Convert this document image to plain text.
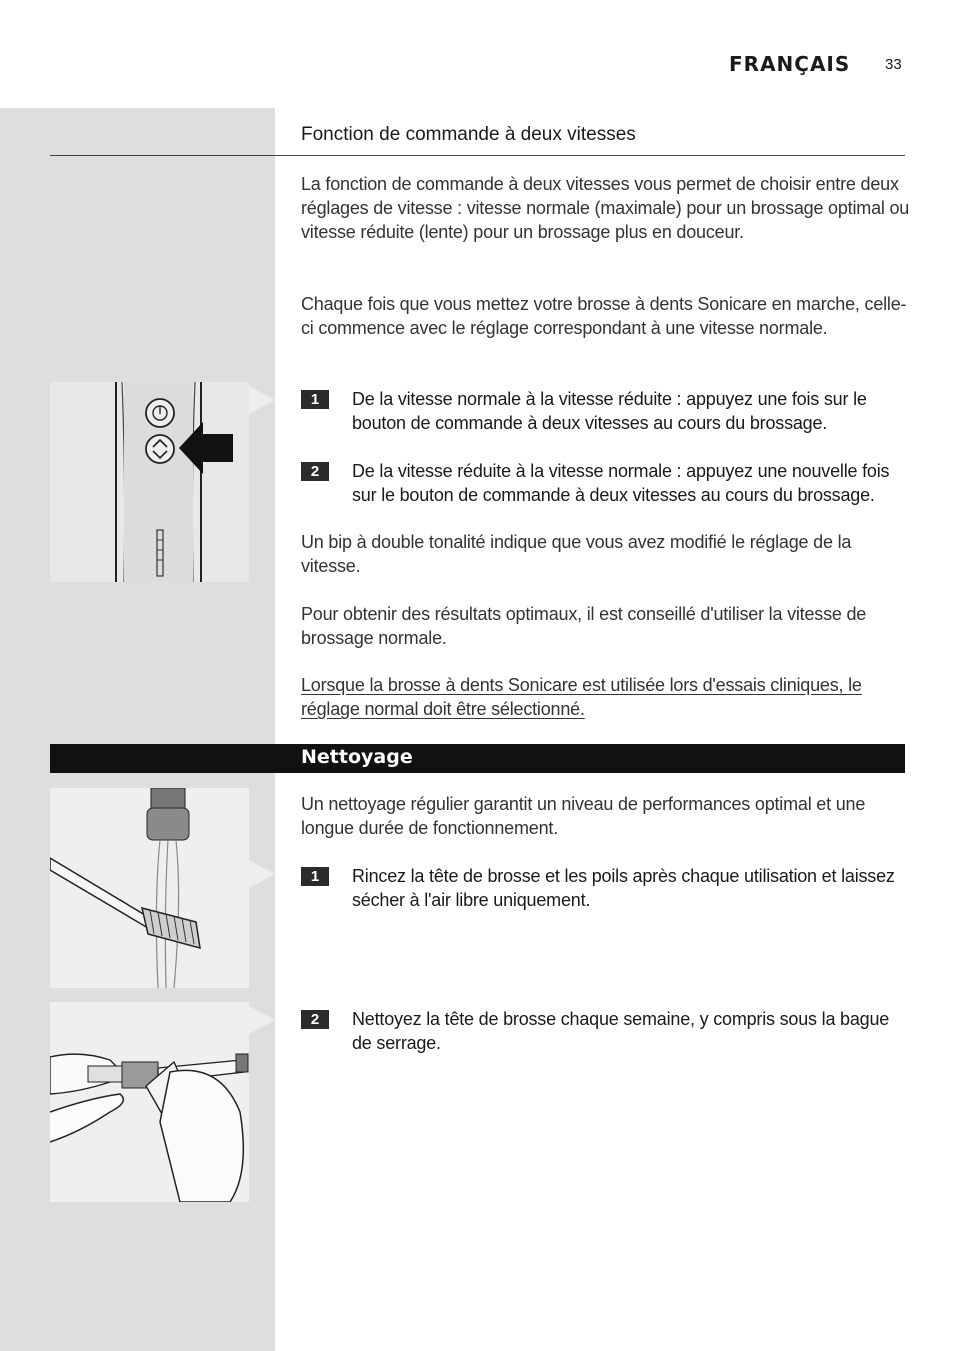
FRANÇAIS 33
Fonction de commande à deux vitesses

La fonction de commande à deux vitesses vous permet de choisir entre deux réglages de vitesse : vitesse normale (maximale) pour un brossage optimal ou vitesse réduite (lente) pour un brossage plus en douceur.

Chaque fois que vous mettez votre brosse à dents Sonicare en marche, celle-ci commence avec le réglage correspondant à une vitesse normale.

1	De la vitesse normale à la vitesse réduite : appuyez une fois sur le bouton de commande à deux vitesses au cours du brossage.
2	De la vitesse réduite à la vitesse normale : appuyez une nouvelle fois sur le bouton de commande à deux vitesses au cours du brossage.

Un bip à double tonalité indique que vous avez modifié le réglage de la vitesse.

Pour obtenir des résultats optimaux, il est conseillé d'utiliser la vitesse de brossage normale.

Lorsque la brosse à dents Sonicare est utilisée lors d'essais cliniques, le réglage normal doit être sélectionné.

Nettoyage

Un nettoyage régulier garantit un niveau de performances optimal et une longue durée de fonctionnement.

1	Rincez la tête de brosse et les poils après chaque utilisation et laissez sécher à l'air libre uniquement.
2	Nettoyez la tête de brosse chaque semaine, y compris sous la bague de serrage.
